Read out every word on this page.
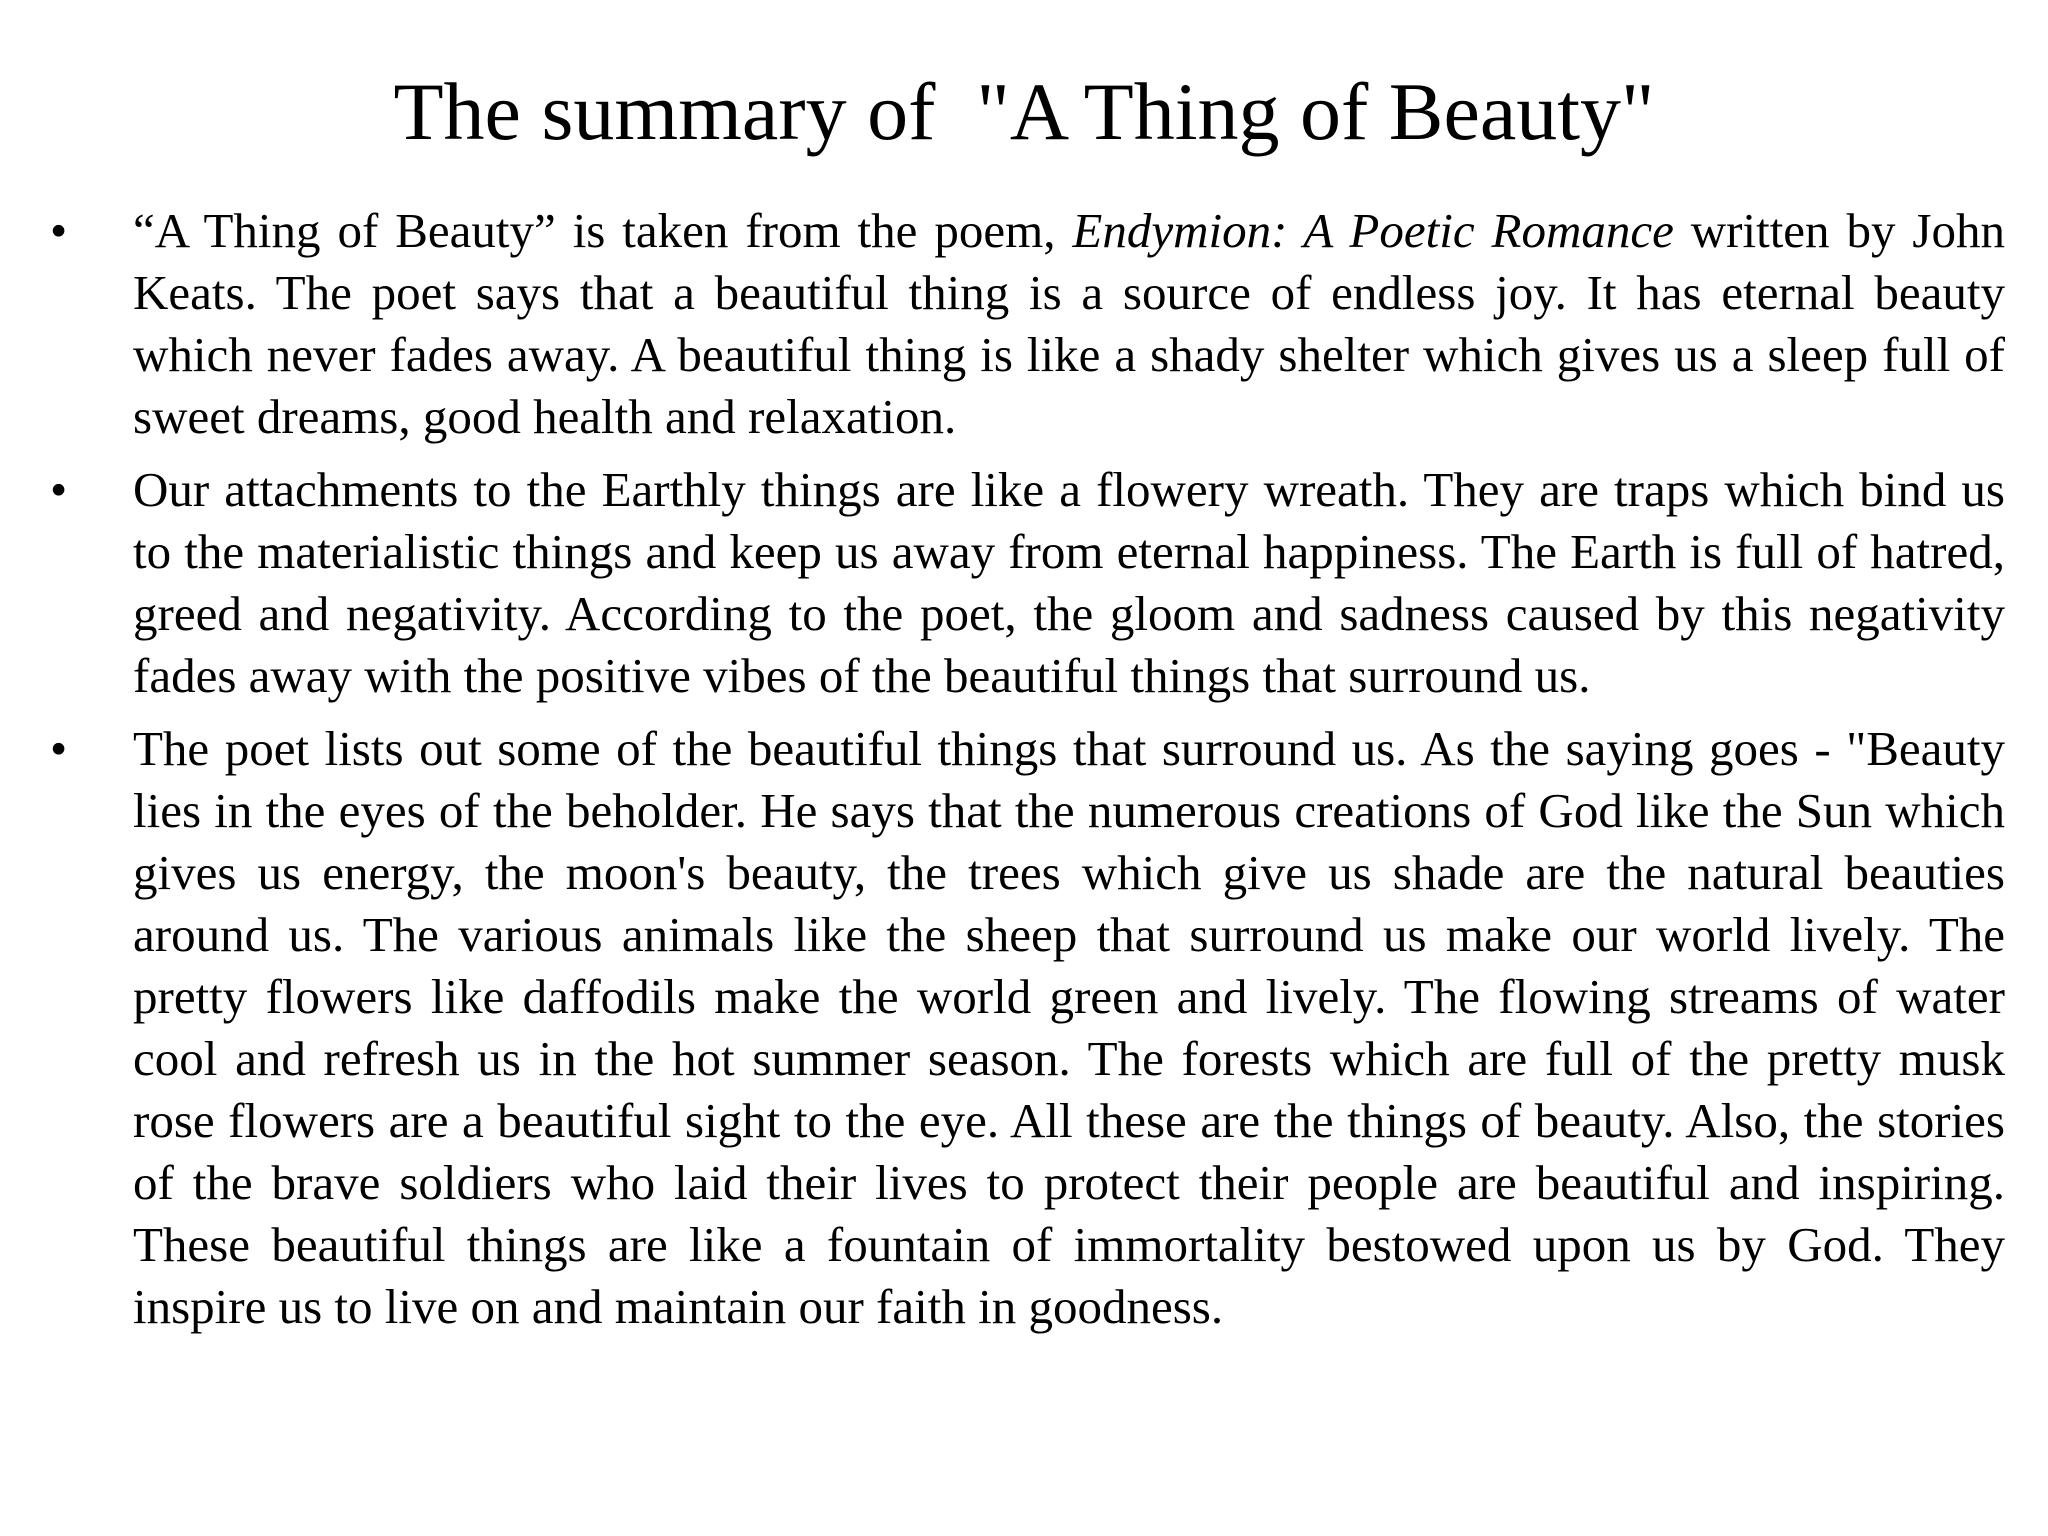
The summary of  "A Thing of Beauty"
• “A Thing of Beauty” is taken from the poem, Endymion: A Poetic Romance written by John Keats. The poet says that a beautiful thing is a source of endless joy. It has eternal beauty which never fades away. A beautiful thing is like a shady shelter which gives us a sleep full of sweet dreams, good health and relaxation.
• Our attachments to the Earthly things are like a flowery wreath. They are traps which bind us to the materialistic things and keep us away from eternal happiness. The Earth is full of hatred, greed and negativity. According to the poet, the gloom and sadness caused by this negativity fades away with the positive vibes of the beautiful things that surround us.
• The poet lists out some of the beautiful things that surround us. As the saying goes - "Beauty lies in the eyes of the beholder. He says that the numerous creations of God like the Sun which gives us energy, the moon's beauty, the trees which give us shade are the natural beauties around us. The various animals like the sheep that surround us make our world lively. The pretty flowers like daffodils make the world green and lively. The flowing streams of water cool and refresh us in the hot summer season. The forests which are full of the pretty musk rose flowers are a beautiful sight to the eye. All these are the things of beauty. Also, the stories of the brave soldiers who laid their lives to protect their people are beautiful and inspiring. These beautiful things are like a fountain of immortality bestowed upon us by God. They inspire us to live on and maintain our faith in goodness.
